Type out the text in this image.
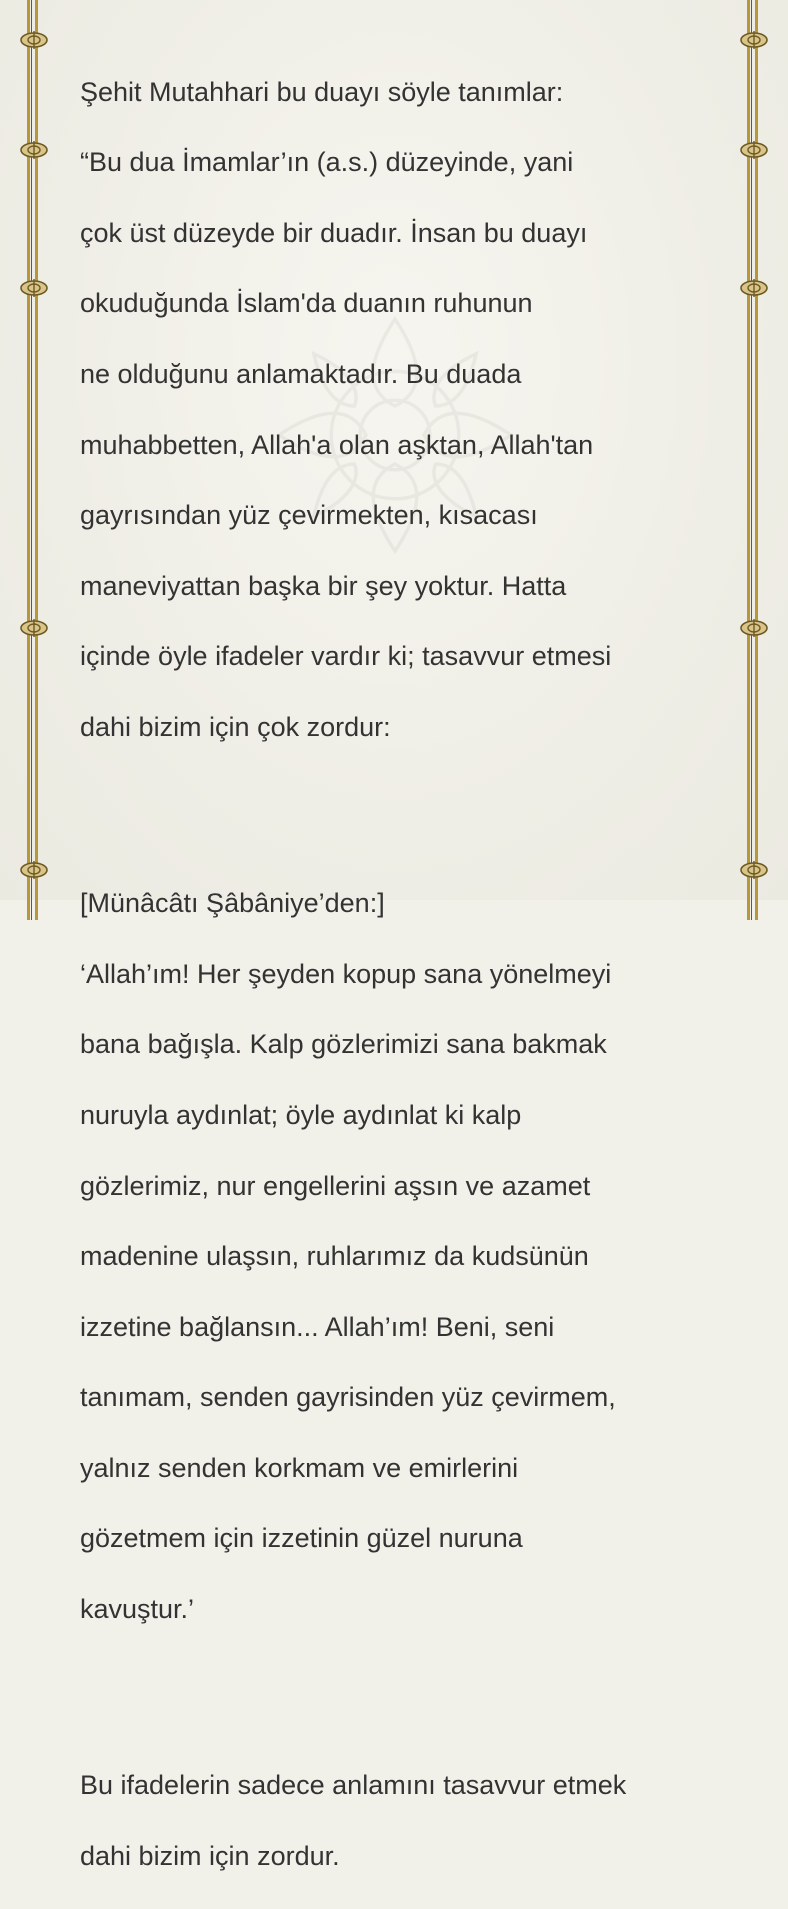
Şehit Mutahhari bu duayı söyle tanımlar:

“Bu dua İmamlar’ın (a.s.) düzeyinde, yani

çok üst düzeyde bir duadır. İnsan bu duayı

okuduğunda İslam'da duanın ruhunun

ne olduğunu anlamaktadır. Bu duada

muhabbetten, Allah'a olan aşktan, Allah'tan

gayrısından yüz çevirmekten, kısacası

maneviyattan başka bir şey yoktur. Hatta

içinde öyle ifadeler vardır ki; tasavvur etmesi

dahi bizim için çok zordur:

[Münâcâtı Şâbâniye’den:]

‘Allah’ım! Her şeyden kopup sana yönelmeyi

bana bağışla. Kalp gözlerimizi sana bakmak

nuruyla aydınlat; öyle aydınlat ki kalp

gözlerimiz, nur engellerini aşsın ve azamet

madenine ulaşsın, ruhlarımız da kudsünün

izzetine bağlansın... Allah’ım! Beni, seni

tanımam, senden gayrisinden yüz çevirmem,

yalnız senden korkmam ve emirlerini

gözetmem için izzetinin güzel nuruna

kavuştur.’

Bu ifadelerin sadece anlamını tasavvur etmek

dahi bizim için zordur.
